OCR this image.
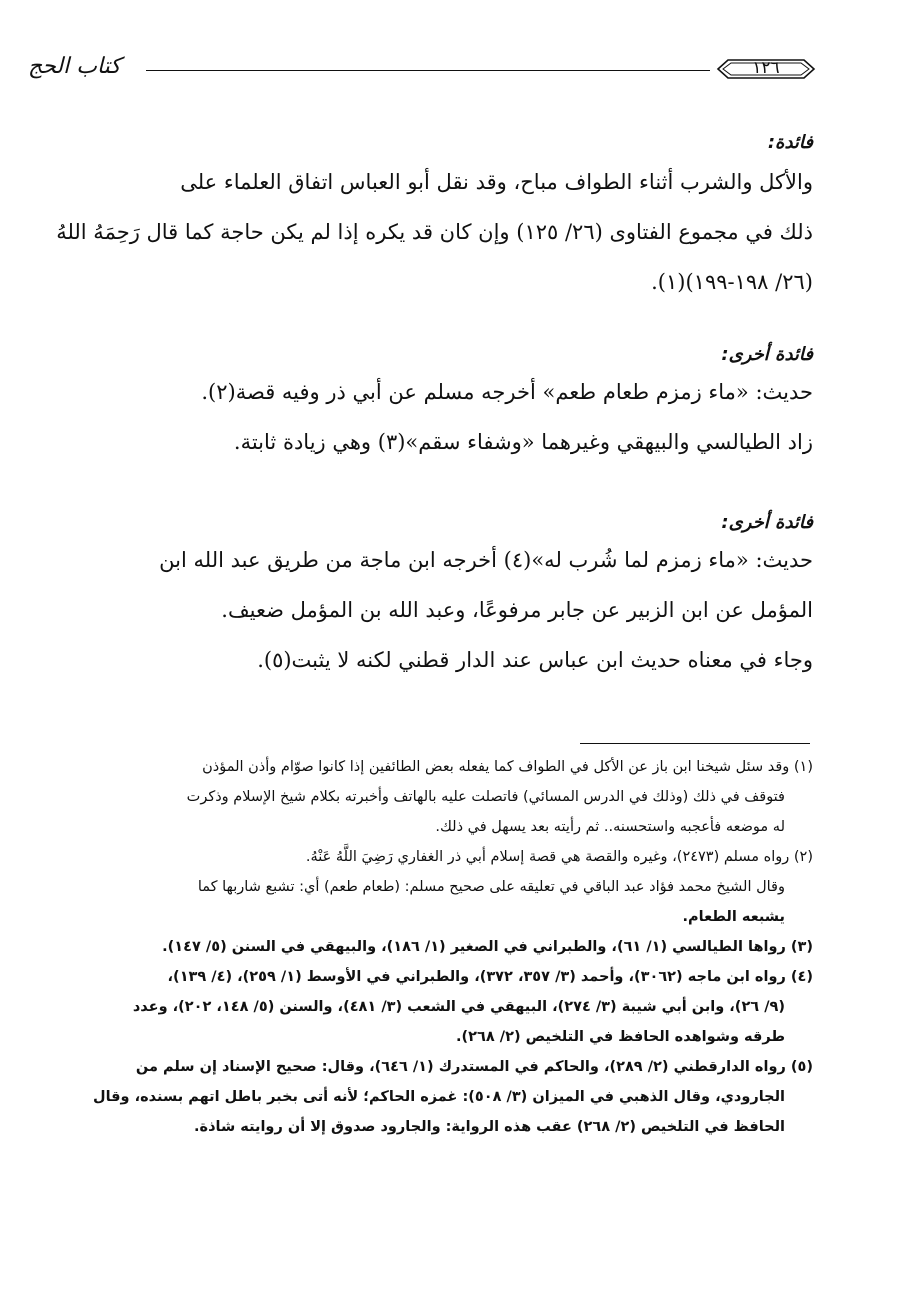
كتاب الحج	١٢٦

فائدة:

والأكل والشرب أثناء الطواف مباح، وقد نقل أبو العباس اتفاق العلماء على

ذلك في مجموع الفتاوى (٢٦/ ١٢٥) وإن كان قد يكره إذا لم يكن حاجة كما قال رَحِمَهُ اللهُ

(٢٦/ ١٩٨-١٩٩)(١).

فائدة أخرى:

حديث: «ماء زمزم طعام طعم» أخرجه مسلم عن أبي ذر وفيه قصة(٢).

زاد الطيالسي والبيهقي وغيرهما «وشفاء سقم»(٣) وهي زيادة ثابتة.

فائدة أخرى:

حديث: «ماء زمزم لما شُرب له»(٤) أخرجه ابن ماجة من طريق عبد الله ابن

المؤمل عن ابن الزبير عن جابر مرفوعًا، وعبد الله بن المؤمل ضعيف.

وجاء في معناه حديث ابن عباس عند الدار قطني لكنه لا يثبت(٥).

(١) وقد سئل شيخنا ابن باز عن الأكل في الطواف كما يفعله بعض الطائفين إذا كانوا صوّام وأذن المؤذن

فتوقف في ذلك (وذلك في الدرس المسائي) فاتصلت عليه بالهاتف وأخبرته بكلام شيخ الإسلام وذكرت

له موضعه فأعجبه واستحسنه.. ثم رأيته بعد يسهل في ذلك.

(٢) رواه مسلم (٢٤٧٣)، وغيره والقصة هي قصة إسلام أبي ذر الغفاري رَضِيَ اللَّهُ عَنْهُ.

وقال الشيخ محمد فؤاد عبد الباقي في تعليقه على صحيح مسلم: (طعام طعم) أي: تشبع شاربها كما

يشبعه الطعام.

(٣) رواها الطيالسي (١/ ٦١)، والطبراني في الصغير (١/ ١٨٦)، والبيهقي في السنن (٥/ ١٤٧).

(٤) رواه ابن ماجه (٣٠٦٢)، وأحمد (٣/ ٣٥٧، ٣٧٢)، والطبراني في الأوسط (١/ ٢٥٩)، (٤/ ١٣٩)،

(٩/ ٢٦)، وابن أبي شيبة (٣/ ٢٧٤)، البيهقي في الشعب (٣/ ٤٨١)، والسنن (٥/ ١٤٨، ٢٠٢)، وعدد

طرقه وشواهده الحافظ في التلخيص (٢/ ٢٦٨).

(٥) رواه الدارقطني (٢/ ٢٨٩)، والحاكم في المستدرك (١/ ٦٤٦)، وقال: صحيح الإسناد إن سلم من

الجارودي، وقال الذهبي في الميزان (٣/ ٥٠٨): غمزه الحاكم؛ لأنه أتى بخبر باطل اتهم بسنده، وقال

الحافظ في التلخيص (٢/ ٢٦٨) عقب هذه الرواية: والجارود صدوق إلا أن روايته شاذة.
